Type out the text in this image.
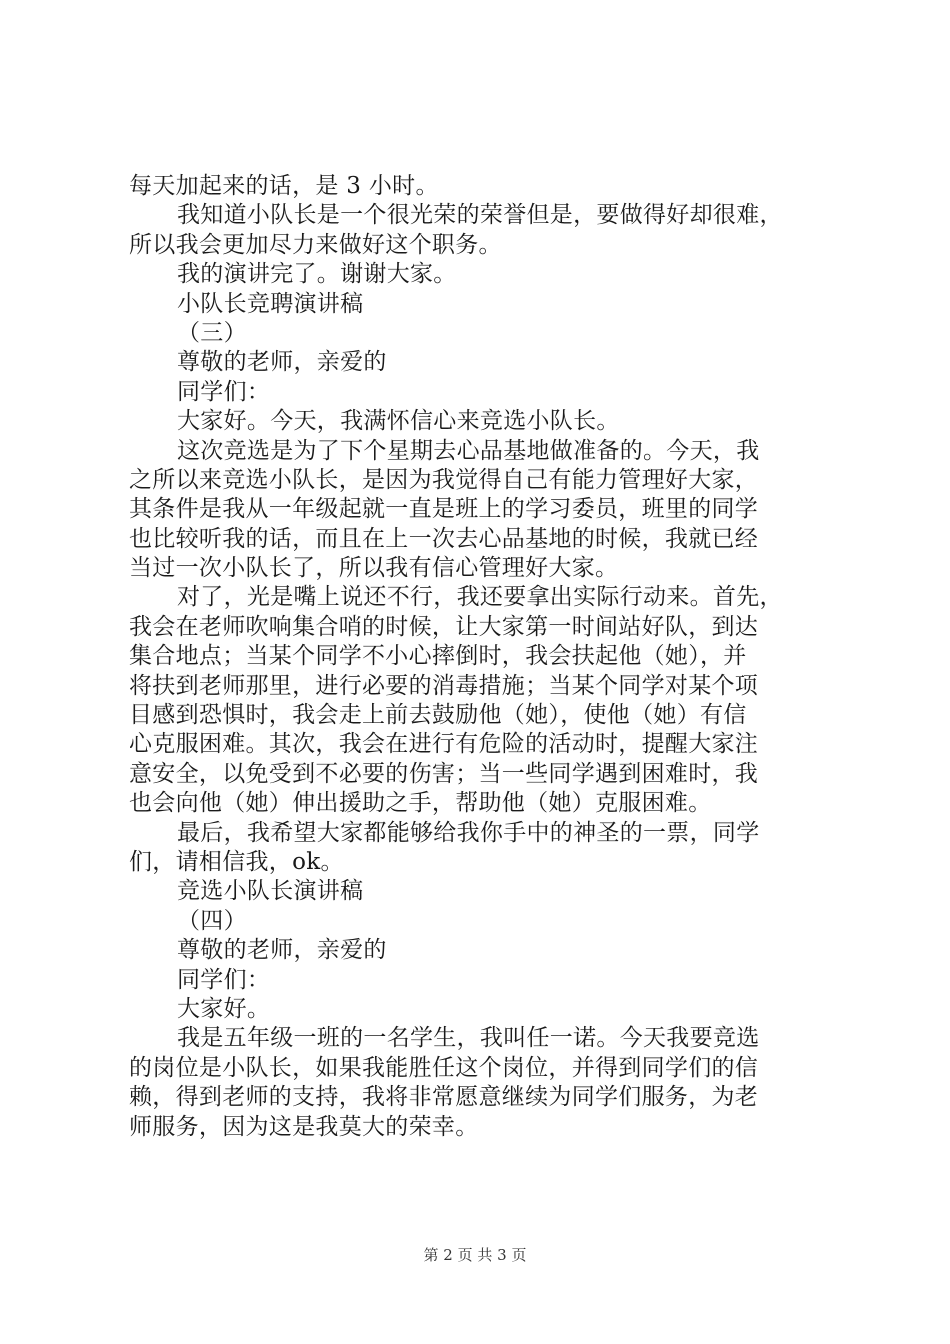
每天加起来的话，是 3 小时。
我知道小队长是一个很光荣的荣誉但是，要做得好却很难，
所以我会更加尽力来做好这个职务。
我的演讲完了。谢谢大家。
小队长竞聘演讲稿
（三）
尊敬的老师，亲爱的
同学们：
大家好。今天，我满怀信心来竞选小队长。
这次竞选是为了下个星期去心品基地做准备的。今天，我
之所以来竞选小队长，是因为我觉得自己有能力管理好大家，
其条件是我从一年级起就一直是班上的学习委员，班里的同学
也比较听我的话，而且在上一次去心品基地的时候，我就已经
当过一次小队长了，所以我有信心管理好大家。
对了，光是嘴上说还不行，我还要拿出实际行动来。首先，
我会在老师吹响集合哨的时候，让大家第一时间站好队，到达
集合地点；当某个同学不小心摔倒时，我会扶起他（她），并
将扶到老师那里，进行必要的消毒措施；当某个同学对某个项
目感到恐惧时，我会走上前去鼓励他（她），使他（她）有信
心克服困难。其次，我会在进行有危险的活动时，提醒大家注
意安全，以免受到不必要的伤害；当一些同学遇到困难时，我
也会向他（她）伸出援助之手，帮助他（她）克服困难。
最后，我希望大家都能够给我你手中的神圣的一票，同学
们，请相信我，ok。
竞选小队长演讲稿
（四）
尊敬的老师，亲爱的
同学们：
大家好。
我是五年级一班的一名学生，我叫任一诺。今天我要竞选
的岗位是小队长，如果我能胜任这个岗位，并得到同学们的信
赖，得到老师的支持，我将非常愿意继续为同学们服务，为老
师服务，因为这是我莫大的荣幸。
第 2 页 共 3 页
